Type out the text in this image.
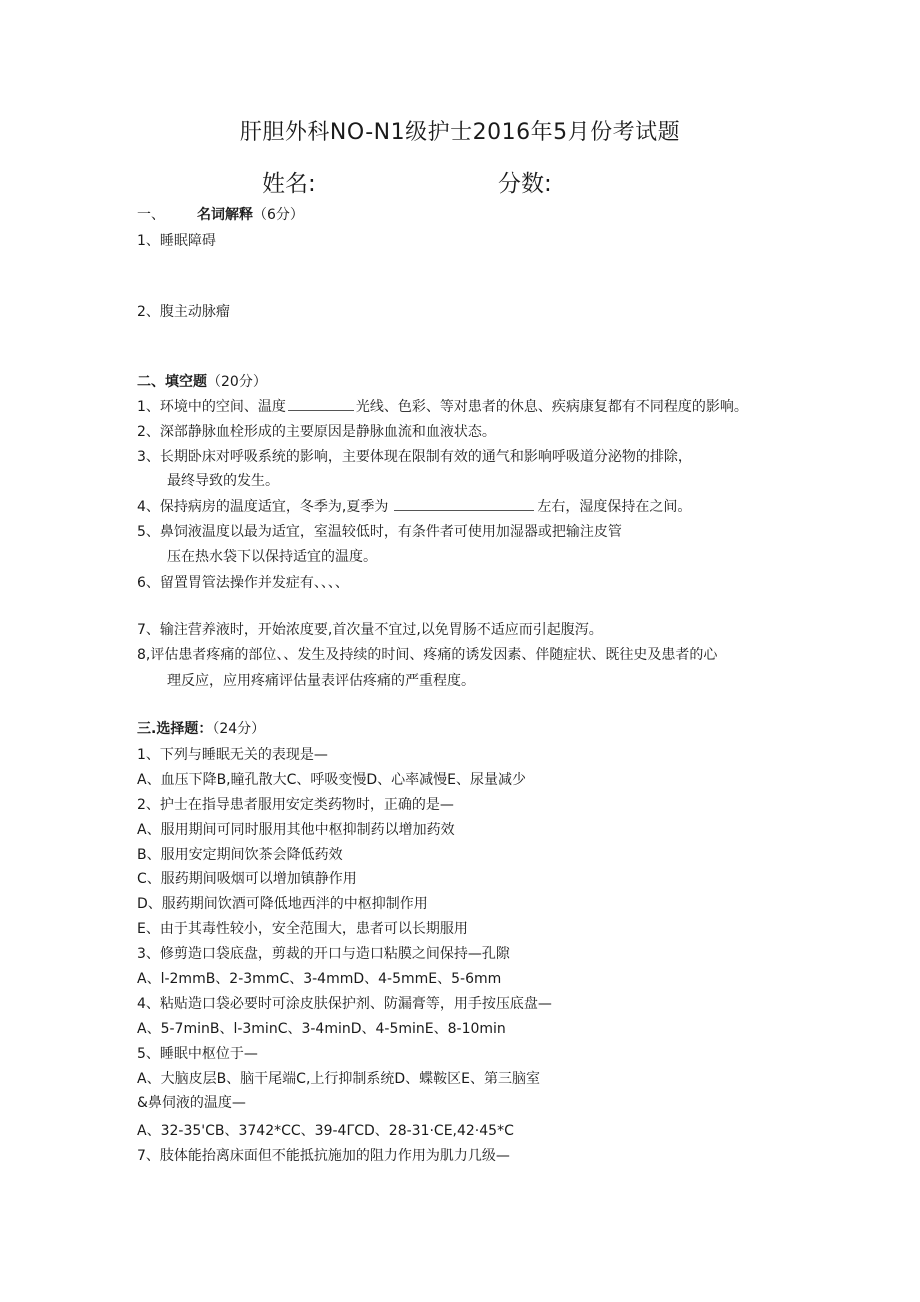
肝胆外科NO-N1级护士2016年5月份考试题
姓名:	分数:
一、 名词解释（6分）
1、睡眠障碍
2、腹主动脉瘤
二、填空题（20分）
1、环境中的空间、温度	光线、色彩、等对患者的休息、疾病康复都有不同程度的影响。
2、深部静脉血栓形成的主要原因是静脉血流和血液状态。
3、长期卧床对呼吸系统的影响，主要体现在限制有效的通气和影响呼吸道分泌物的排除，
最终导致的发生。
4、保持病房的温度适宜，冬季为,夏季为	左右，湿度保持在之间。
5、鼻饲液温度以最为适宜，室温较低时，有条件者可使用加湿器或把输注皮管
压在热水袋下以保持适宜的温度。
6、留置胃管法操作并发症有、、、、
7、输注营养液时，开始浓度要,首次量不宜过,以免胃肠不适应而引起腹泻。
8,评估患者疼痛的部位、、发生及持续的时间、疼痛的诱发因素、伴随症状、既往史及患者的心
理反应，应用疼痛评估量表评估疼痛的严重程度。
三.选择题：（24分）
1、下列与睡眠无关的表现是—
A、血压下降B,瞳孔散大C、呼吸变慢D、心率减慢E、尿量减少
2、护士在指导患者服用安定类药物时，正确的是—
A、服用期间可同时服用其他中枢抑制药以增加药效
B、服用安定期间饮茶会降低药效
C、服药期间吸烟可以增加镇静作用
D、服药期间饮酒可降低地西泮的中枢抑制作用
E、由于其毒性较小，安全范围大，患者可以长期服用
3、修剪造口袋底盘，剪裁的开口与造口粘膜之间保持—孔隙
A、l-2mmB、2-3mmC、3-4mmD、4-5mmE、5-6mm
4、粘贴造口袋必要时可涂皮肤保护剂、防漏膏等，用手按压底盘—
A、5-7minB、l-3minC、3-4minD、4-5minE、8-10min
5、睡眠中枢位于—
A、大脑皮层B、脑干尾端C,上行抑制系统D、蝶鞍区E、第三脑室
&鼻伺液的温度—
A、32-35'CB、3742*CC、39-4ΓCD、28-31·CE,42·45*C
7、肢体能抬离床面但不能抵抗施加的阻力作用为肌力几级—
